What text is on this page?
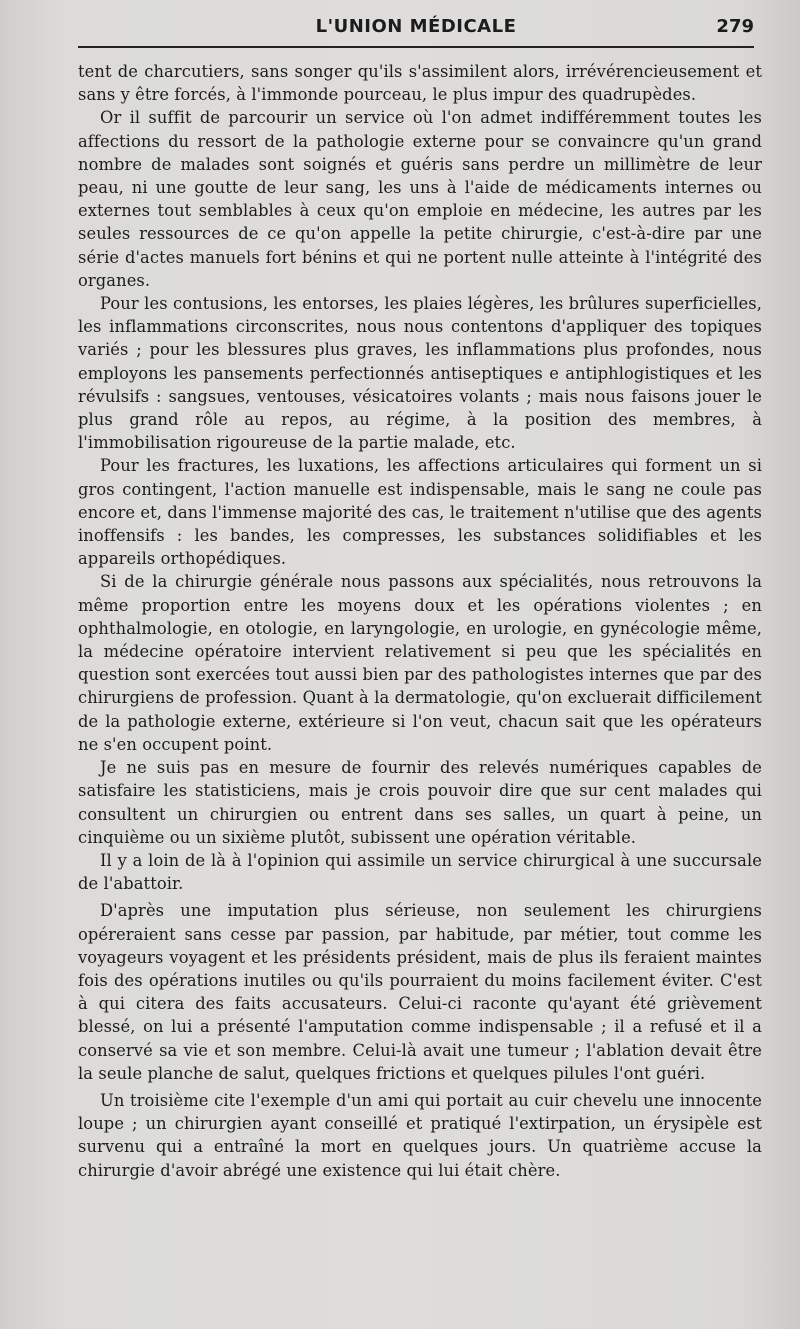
L'UNION MÉDICALE	279

tent de charcutiers, sans songer qu'ils s'assimilent alors, irrévérencieusement et sans y être forcés, à l'immonde pourceau, le plus impur des quadrupèdes.

Or il suffit de parcourir un service où l'on admet indifféremment toutes les affections du ressort de la pathologie externe pour se convaincre qu'un grand nombre de malades sont soignés et guéris sans perdre un millimètre de leur peau, ni une goutte de leur sang, les uns à l'aide de médicaments internes ou externes tout semblables à ceux qu'on emploie en médecine, les autres par les seules ressources de ce qu'on appelle la petite chirurgie, c'est-à-dire par une série d'actes manuels fort bénins et qui ne portent nulle atteinte à l'intégrité des organes.

Pour les contusions, les entorses, les plaies légères, les brûlures superficielles, les inflammations circonscrites, nous nous contentons d'appliquer des topiques variés ; pour les blessures plus graves, les inflammations plus profondes, nous employons les pansements perfectionnés antiseptiques e antiphlogistiques et les révulsifs : sangsues, ventouses, vésicatoires volants ; mais nous faisons jouer le plus grand rôle au repos, au régime, à la position des membres, à l'immobilisation rigoureuse de la partie malade, etc.

Pour les fractures, les luxations, les affections articulaires qui forment un si gros contingent, l'action manuelle est indispensable, mais le sang ne coule pas encore et, dans l'immense majorité des cas, le traitement n'utilise que des agents inoffensifs : les bandes, les compresses, les substances solidifiables et les appareils orthopédiques.

Si de la chirurgie générale nous passons aux spécialités, nous retrouvons la même proportion entre les moyens doux et les opérations violentes ; en ophthalmologie, en otologie, en laryngologie, en urologie, en gynécologie même, la médecine opératoire intervient relativement si peu que les spécialités en question sont exercées tout aussi bien par des pathologistes internes que par des chirurgiens de profession. Quant à la dermatologie, qu'on excluerait difficilement de la pathologie externe, extérieure si l'on veut, chacun sait que les opérateurs ne s'en occupent point.

Je ne suis pas en mesure de fournir des relevés numériques capables de satisfaire les statisticiens, mais je crois pouvoir dire que sur cent malades qui consultent un chirurgien ou entrent dans ses salles, un quart à peine, un cinquième ou un sixième plutôt, subissent une opération véritable.

Il y a loin de là à l'opinion qui assimile un service chirurgical à une succursale de l'abattoir.

D'après une imputation plus sérieuse, non seulement les chirurgiens opéreraient sans cesse par passion, par habitude, par métier, tout comme les voyageurs voyagent et les présidents président, mais de plus ils feraient maintes fois des opérations inutiles ou qu'ils pourraient du moins facilement éviter. C'est à qui citera des faits accusateurs. Celui-ci raconte qu'ayant été grièvement blessé, on lui a présenté l'amputation comme indispensable ; il a refusé et il a conservé sa vie et son membre. Celui-là avait une tumeur ; l'ablation devait être la seule planche de salut, quelques frictions et quelques pilules l'ont guéri.

Un troisième cite l'exemple d'un ami qui portait au cuir chevelu une innocente loupe ; un chirurgien ayant conseillé et pratiqué l'extirpation, un érysipèle est survenu qui a entraîné la mort en quelques jours. Un quatrième accuse la chirurgie d'avoir abrégé une existence qui lui était chère.
